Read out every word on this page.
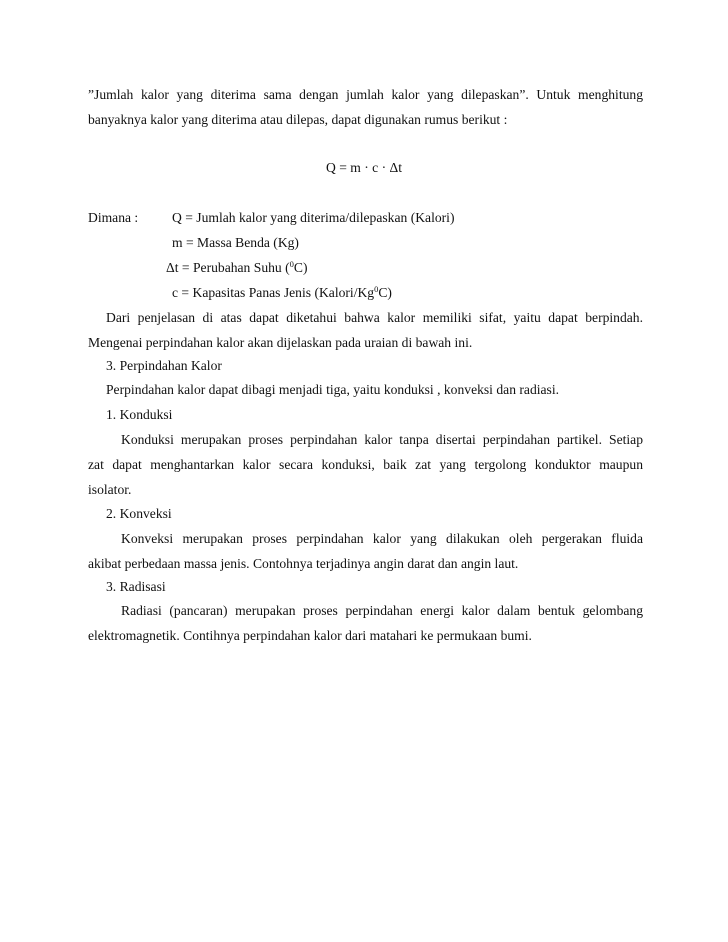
”Jumlah kalor yang diterima sama dengan jumlah kalor yang dilepaskan”. Untuk menghitung
banyaknya kalor yang diterima atau dilepas, dapat digunakan rumus berikut :
Q = m · c · Δt
Dimana : Q = Jumlah kalor yang diterima/dilepaskan (Kalori)
m = Massa Benda (Kg)
Δt = Perubahan Suhu ($^0$C)
c = Kapasitas Panas Jenis (Kalori/Kg$^0$C)
Dari penjelasan di atas dapat diketahui bahwa kalor memiliki sifat, yaitu dapat berpindah.
Mengenai perpindahan kalor akan dijelaskan pada uraian di bawah ini.
3. Perpindahan Kalor
Perpindahan kalor dapat dibagi menjadi tiga, yaitu konduksi , konveksi dan radiasi.
1. Konduksi
Konduksi merupakan proses perpindahan kalor tanpa disertai perpindahan partikel. Setiap
zat dapat menghantarkan kalor secara konduksi, baik zat yang tergolong konduktor maupun
isolator.
2. Konveksi
Konveksi merupakan proses perpindahan kalor yang dilakukan oleh pergerakan fluida
akibat perbedaan massa jenis. Contohnya terjadinya angin darat dan angin laut.
3. Radisasi
Radiasi (pancaran) merupakan proses perpindahan energi kalor dalam bentuk gelombang
elektromagnetik. Contihnya perpindahan kalor dari matahari ke permukaan bumi.
